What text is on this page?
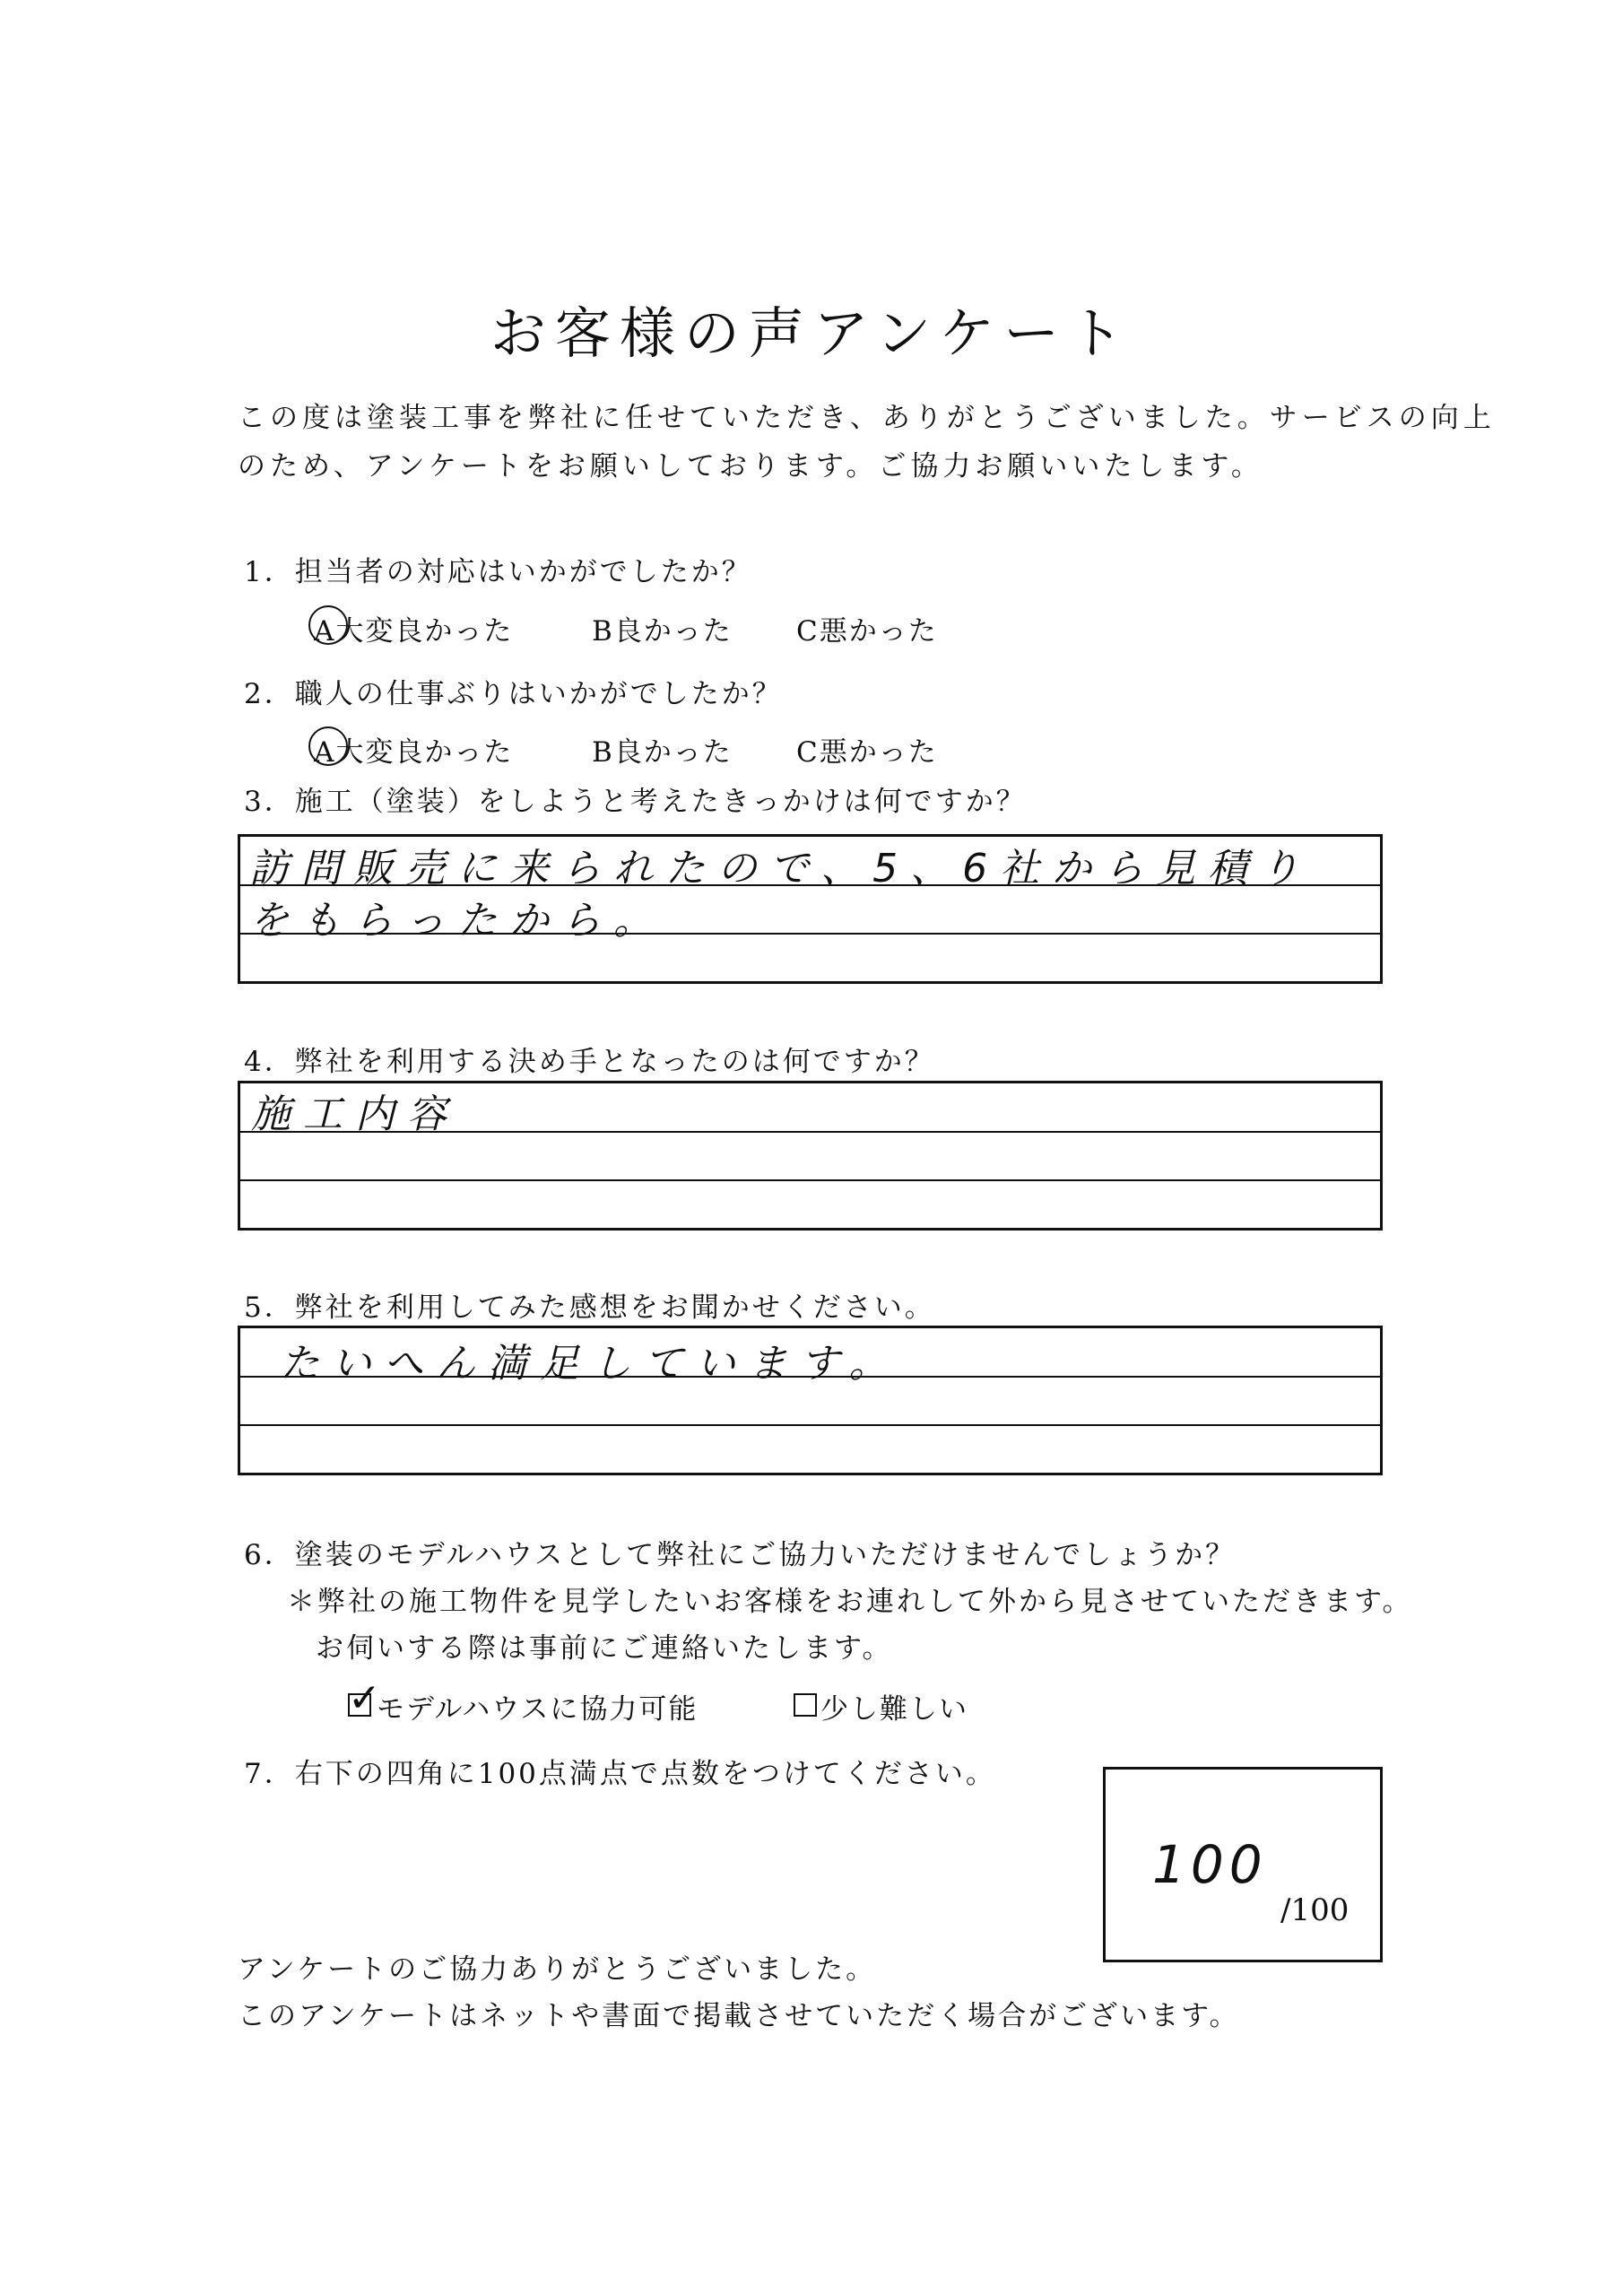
お客様の声アンケート
この度は塗装工事を弊社に任せていただき、ありがとうございました。サービスの向上
のため、アンケートをお願いしております。ご協力お願いいたします。
1．担当者の対応はいかがでしたか？
A大変良かった	B良かった C悪かった
2．職人の仕事ぶりはいかがでしたか？
A大変良かった	B良かった C悪かった
3．施工（塗装）をしようと考えたきっかけは何ですか？
訪問販売に来られたので、5、6社から見積り
をもらったから。
4．弊社を利用する決め手となったのは何ですか？
施工内容
5．弊社を利用してみた感想をお聞かせください。
たいへん満足しています。
6．塗装のモデルハウスとして弊社にご協力いただけませんでしょうか？
＊弊社の施工物件を見学したいお客様をお連れして外から見させていただきます。
お伺いする際は事前にご連絡いたします。
✓
モデルハウスに協力可能	少し難しい
7．右下の四角に100点満点で点数をつけてください。
100
/100
アンケートのご協力ありがとうございました。
このアンケートはネットや書面で掲載させていただく場合がございます。
